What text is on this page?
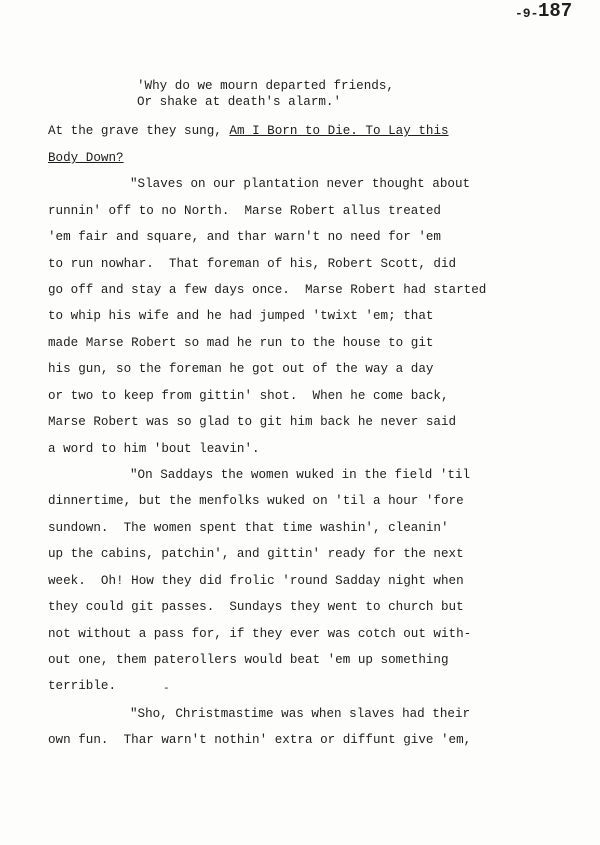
-9- 187
'Why do we mourn departed friends,
Or shake at death's alarm.'
At the grave they sung, Am I Born to Die. To Lay this
Body Down?
"Slaves on our plantation never thought about
runnin' off to no North.  Marse Robert allus treated
'em fair and square, and thar warn't no need for 'em
to run nowhar.  That foreman of his, Robert Scott, did
go off and stay a few days once.  Marse Robert had started
to whip his wife and he had jumped 'twixt 'em; that
made Marse Robert so mad he run to the house to git
his gun, so the foreman he got out of the way a day
or two to keep from gittin' shot.  When he come back,
Marse Robert was so glad to git him back he never said
a word to him 'bout leavin'.
"On Saddays the women wuked in the field 'til
dinnertime, but the menfolks wuked on 'til a hour 'fore
sundown.  The women spent that time washin', cleanin'
up the cabins, patchin', and gittin' ready for the next
week.  Oh! How they did frolic 'round Sadday night when
they could git passes.  Sundays they went to church but
not without a pass for, if they ever was cotch out with-
out one, them paterollers would beat 'em up something
terrible.	-
"Sho, Christmastime was when slaves had their
own fun.  Thar warn't nothin' extra or diffunt give 'em,
